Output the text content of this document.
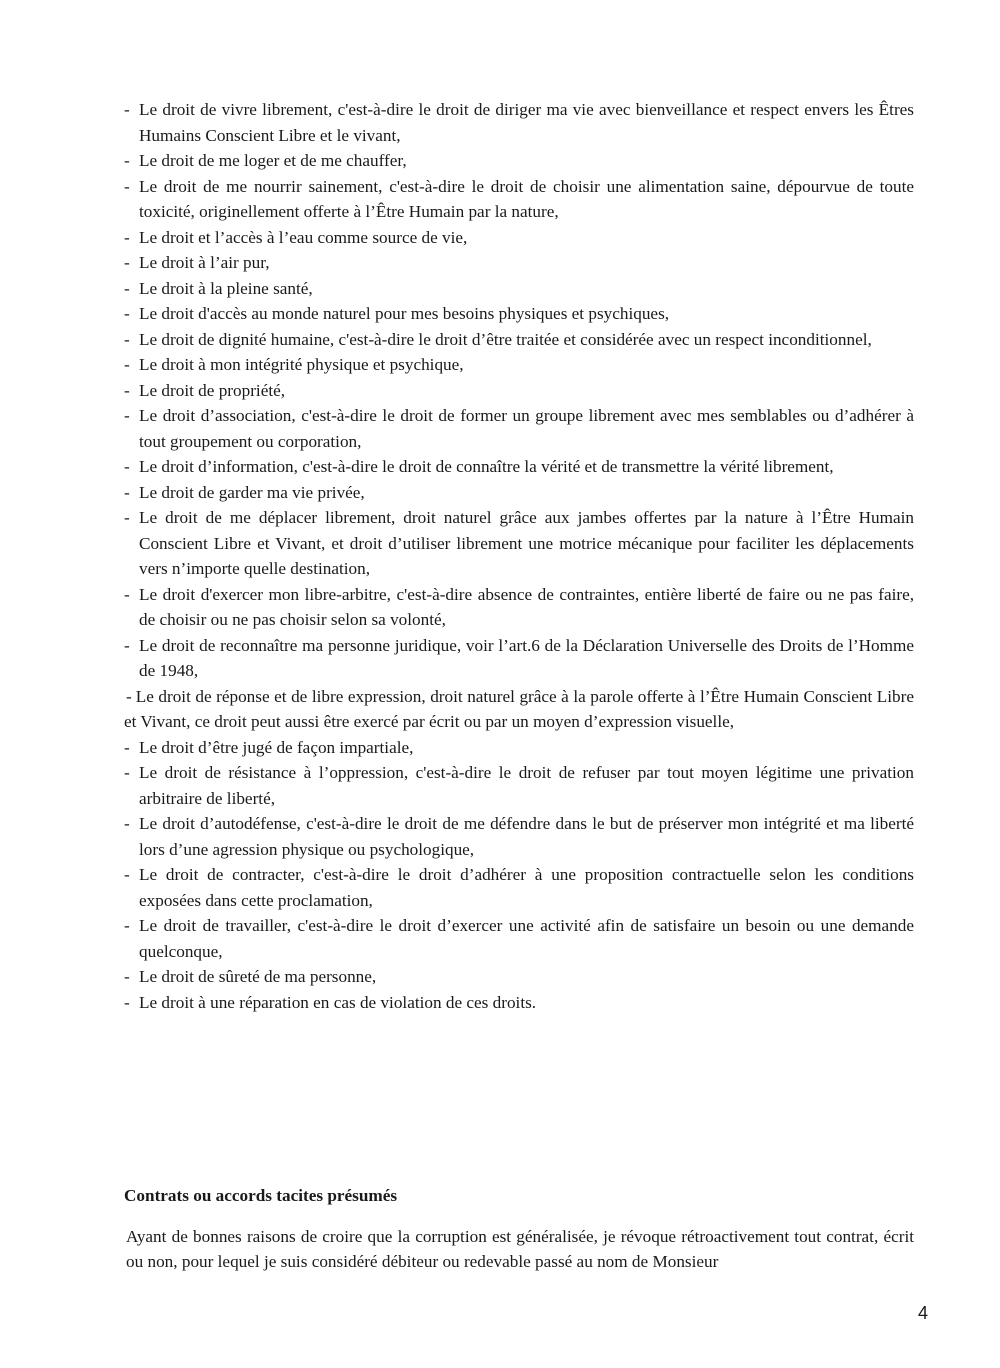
- Le droit de vivre librement, c'est-à-dire le droit de diriger ma vie avec bienveillance et respect envers les Êtres Humains Conscient Libre et le vivant,
- Le droit de me loger et de me chauffer,
- Le droit de me nourrir sainement, c'est-à-dire le droit de choisir une alimentation saine, dépourvue de toute toxicité, originellement offerte à l’Être Humain par la nature,
- Le droit et l’accès à l’eau comme source de vie,
- Le droit à l’air pur,
- Le droit à la pleine santé,
- Le droit d'accès au monde naturel pour mes besoins physiques et psychiques,
- Le droit de dignité humaine, c'est-à-dire le droit d’être traitée et considérée avec un respect inconditionnel,
- Le droit à mon intégrité physique et psychique,
- Le droit de propriété,
- Le droit d’association, c'est-à-dire le droit de former un groupe librement avec mes semblables ou d’adhérer à tout groupement ou corporation,
- Le droit d’information, c'est-à-dire le droit de connaître la vérité et de transmettre la vérité librement,
- Le droit de garder ma vie privée,
- Le droit de me déplacer librement, droit naturel grâce aux jambes offertes par la nature à l’Être Humain Conscient Libre et Vivant, et droit d’utiliser librement une motrice mécanique pour faciliter les déplacements vers n’importe quelle destination,
- Le droit d'exercer mon libre-arbitre, c'est-à-dire absence de contraintes, entière liberté de faire ou ne pas faire, de choisir ou ne pas choisir selon sa volonté,
- Le droit de reconnaître ma personne juridique, voir l’art.6 de la Déclaration Universelle des Droits de l’Homme de 1948,
- Le droit de réponse et de libre expression, droit naturel grâce à la parole offerte à l’Être Humain Conscient Libre et Vivant, ce droit peut aussi être exercé par écrit ou par un moyen d’expression visuelle,
- Le droit d’être jugé de façon impartiale,
- Le droit de résistance à l’oppression, c'est-à-dire le droit de refuser par tout moyen légitime une privation arbitraire de liberté,
- Le droit d’autodéfense, c'est-à-dire le droit de me défendre dans le but de préserver mon intégrité et ma liberté lors d’une agression physique ou psychologique,
- Le droit de contracter, c'est-à-dire le droit d’adhérer à une proposition contractuelle selon les conditions exposées dans cette proclamation,
- Le droit de travailler, c'est-à-dire le droit d’exercer une activité afin de satisfaire un besoin ou une demande quelconque,
- Le droit de sûreté de ma personne,
- Le droit à une réparation en cas de violation de ces droits.
Contrats ou accords tacites présumés

Ayant de bonnes raisons de croire que la corruption est généralisée, je révoque rétroactivement tout contrat, écrit ou non, pour lequel je suis considéré débiteur ou redevable passé au nom de Monsieur

4
